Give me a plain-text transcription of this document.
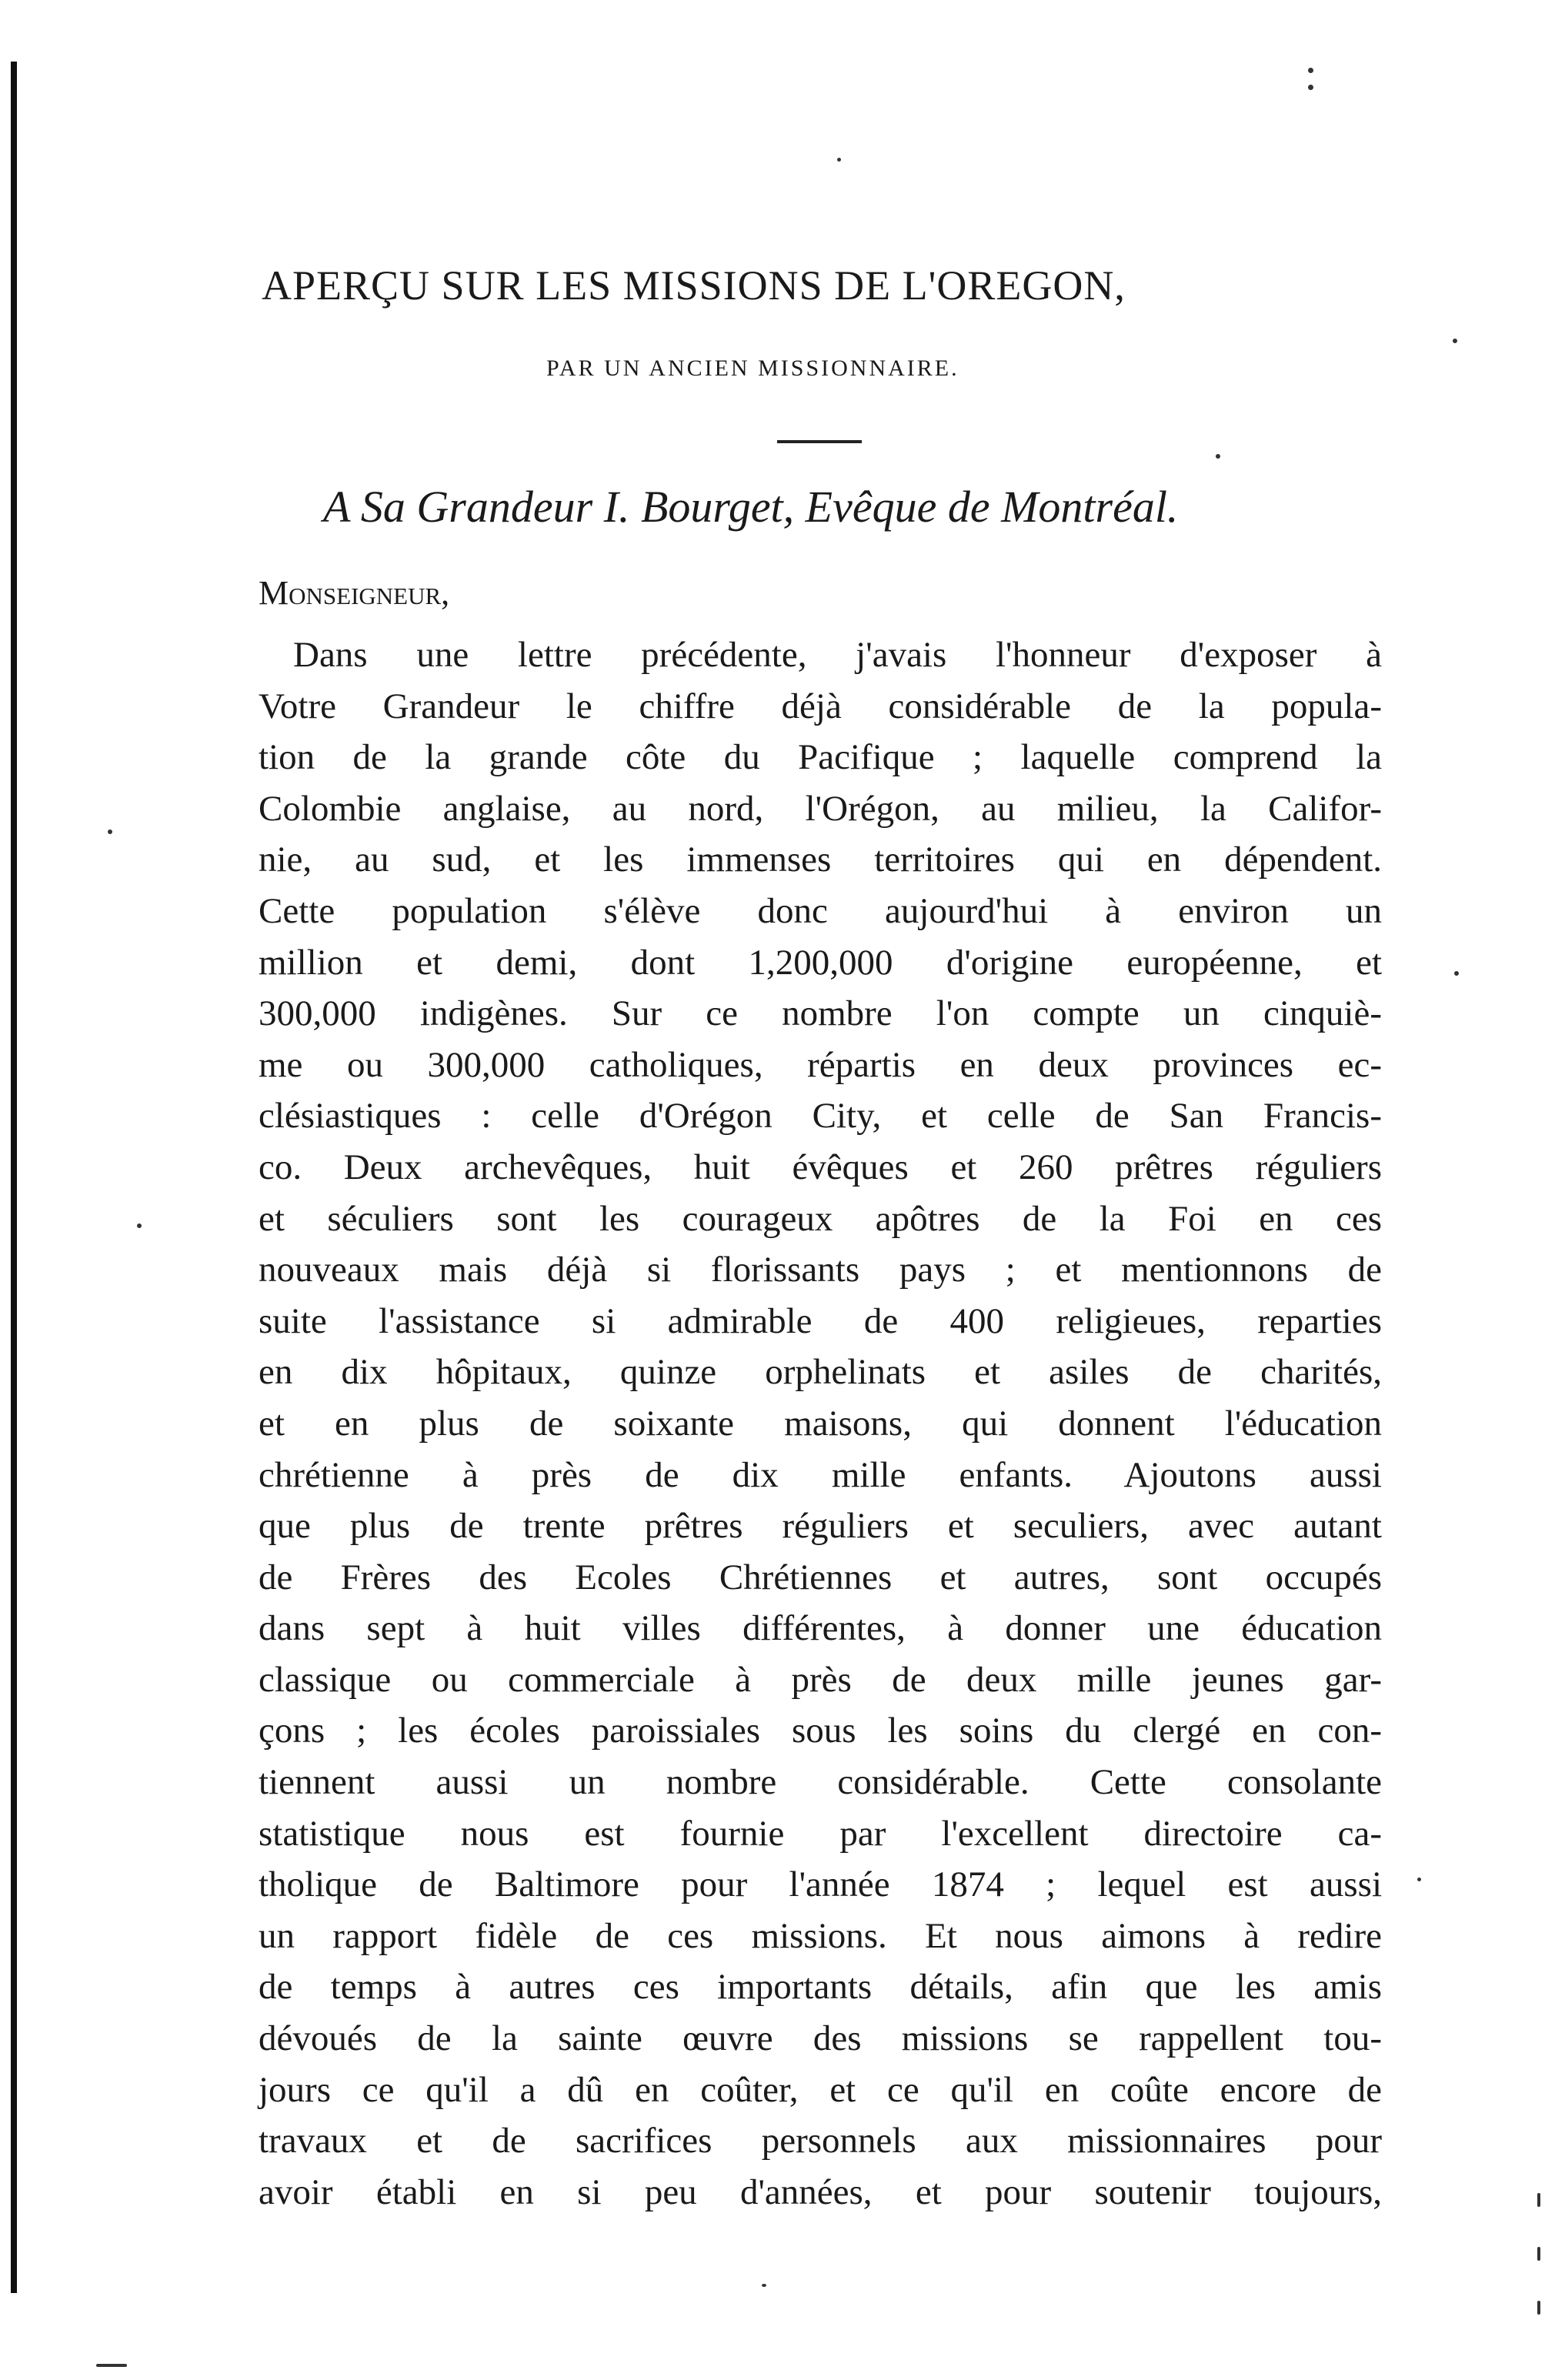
APERÇU SUR LES MISSIONS DE L'OREGON,
PAR UN ANCIEN MISSIONNAIRE.
A Sa Grandeur I. Bourget, Evêque de Montréal.
Monseigneur,
Dans une lettre précédente, j'avais l'honneur d'exposer à
Votre Grandeur le chiffre déjà considérable de la popula-
tion de la grande côte du Pacifique ; laquelle comprend la
Colombie anglaise, au nord, l'Orégon, au milieu, la Califor-
nie, au sud, et les immenses territoires qui en dépendent.
Cette population s'élève donc aujourd'hui à environ un
million et demi, dont 1,200,000 d'origine européenne, et
300,000 indigènes. Sur ce nombre l'on compte un cinquiè-
me ou 300,000 catholiques, répartis en deux provinces ec-
clésiastiques : celle d'Orégon City, et celle de San Francis-
co. Deux archevêques, huit évêques et 260 prêtres réguliers
et séculiers sont les courageux apôtres de la Foi en ces
nouveaux mais déjà si florissants pays ; et mentionnons de
suite l'assistance si admirable de 400 religieues, reparties
en dix hôpitaux, quinze orphelinats et asiles de charités,
et en plus de soixante maisons, qui donnent l'éducation
chrétienne à près de dix mille enfants. Ajoutons aussi
que plus de trente prêtres réguliers et seculiers, avec autant
de Frères des Ecoles Chrétiennes et autres, sont occupés
dans sept à huit villes différentes, à donner une éducation
classique ou commerciale à près de deux mille jeunes gar-
çons ; les écoles paroissiales sous les soins du clergé en con-
tiennent aussi un nombre considérable. Cette consolante
statistique nous est fournie par l'excellent directoire ca-
tholique de Baltimore pour l'année 1874 ; lequel est aussi
un rapport fidèle de ces missions. Et nous aimons à redire
de temps à autres ces importants détails, afin que les amis
dévoués de la sainte œuvre des missions se rappellent tou-
jours ce qu'il a dû en coûter, et ce qu'il en coûte encore de
travaux et de sacrifices personnels aux missionnaires pour
avoir établi en si peu d'années, et pour soutenir toujours,
